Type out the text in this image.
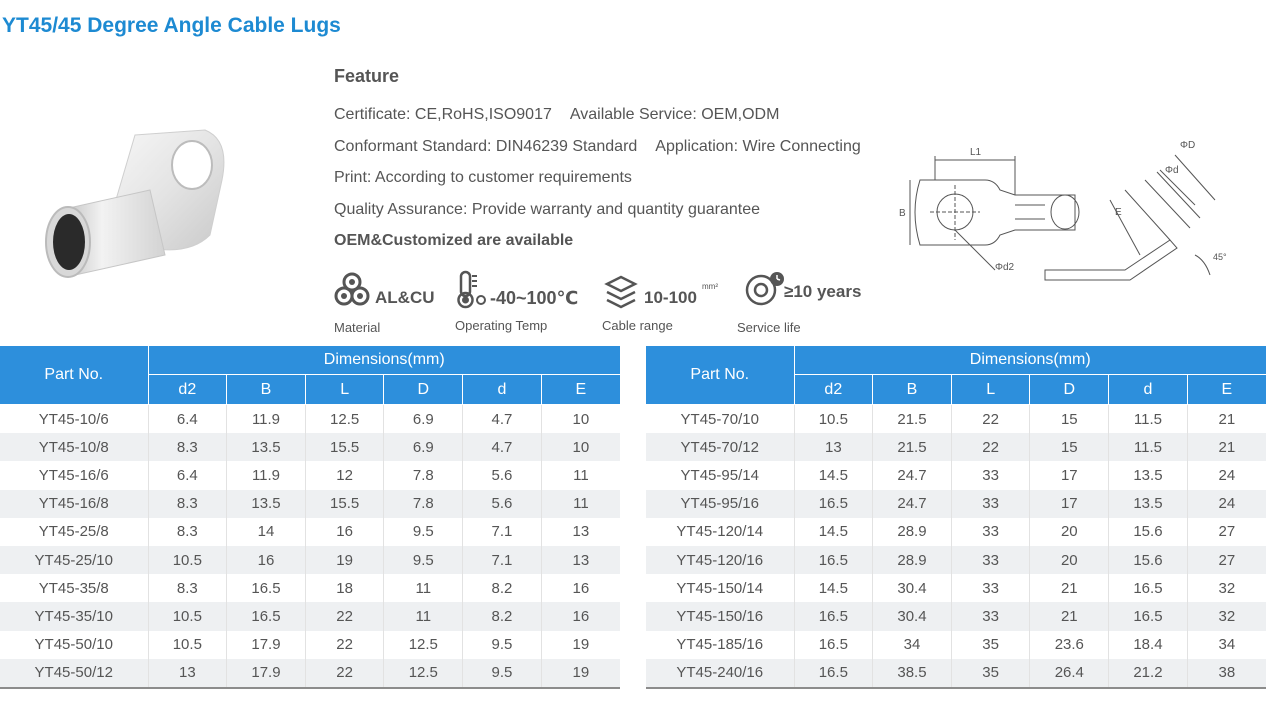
YT45/45 Degree Angle Cable Lugs
Feature
Certificate: CE,RoHS,ISO9017 Available Service: OEM,ODM
Conformant Standard: DIN46239 Standard Application: Wire Connecting
Print: According to customer requirements
Quality Assurance: Provide warranty and quantity guarantee
OEM&Customized are available
AL&CU
Material
-40~100℃
Operating Temp
10-100
mm²
Cable range
≥10 years
Service life
L1
B
Φd2
ΦD
Φd
E
45°
Part No.	Dimensions(mm)					
	d2	B	L	D	d	E
YT45-10/6	6.4	11.9	12.5	6.9	4.7	10
YT45-10/8	8.3	13.5	15.5	6.9	4.7	10
YT45-16/6	6.4	11.9	12	7.8	5.6	11
YT45-16/8	8.3	13.5	15.5	7.8	5.6	11
YT45-25/8	8.3	14	16	9.5	7.1	13
YT45-25/10	10.5	16	19	9.5	7.1	13
YT45-35/8	8.3	16.5	18	11	8.2	16
YT45-35/10	10.5	16.5	22	11	8.2	16
YT45-50/10	10.5	17.9	22	12.5	9.5	19
YT45-50/12	13	17.9	22	12.5	9.5	19
Part No.	Dimensions(mm)					
	d2	B	L	D	d	E
YT45-70/10	10.5	21.5	22	15	11.5	21
YT45-70/12	13	21.5	22	15	11.5	21
YT45-95/14	14.5	24.7	33	17	13.5	24
YT45-95/16	16.5	24.7	33	17	13.5	24
YT45-120/14	14.5	28.9	33	20	15.6	27
YT45-120/16	16.5	28.9	33	20	15.6	27
YT45-150/14	14.5	30.4	33	21	16.5	32
YT45-150/16	16.5	30.4	33	21	16.5	32
YT45-185/16	16.5	34	35	23.6	18.4	34
YT45-240/16	16.5	38.5	35	26.4	21.2	38
